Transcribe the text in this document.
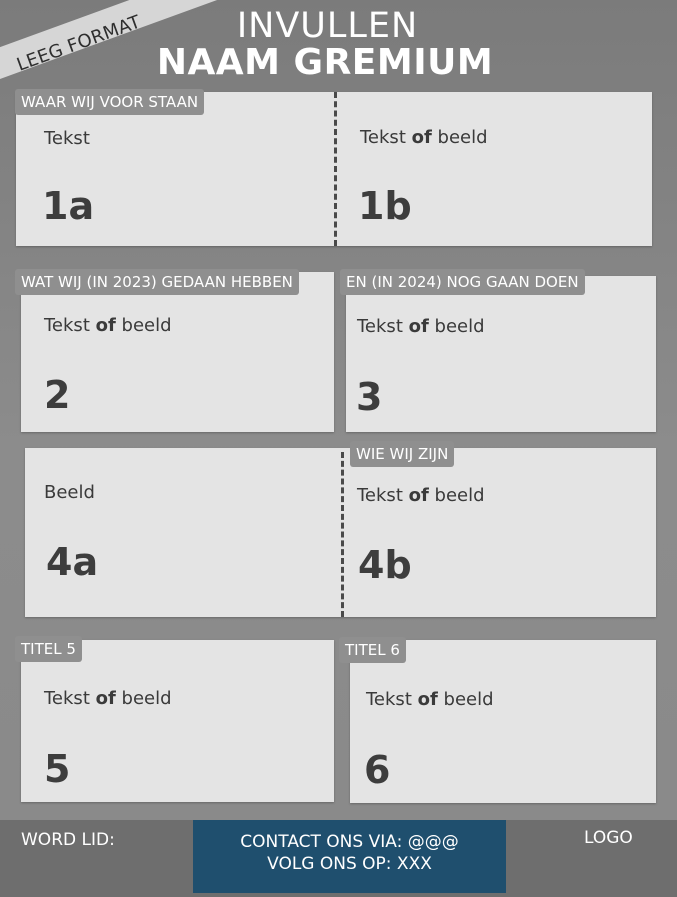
LEEG FORMAT	INVULLEN
NAAM GREMIUM
WAAR WIJ VOOR STAAN
Tekst
1a
Tekst of beeld
1b
WAT WIJ (IN 2023) GEDAAN HEBBEN
Tekst of beeld
2
EN (IN 2024) NOG GAAN DOEN
Tekst of beeld
3
WIE WIJ ZIJN
Beeld
4a
Tekst of beeld
4b
TITEL 5
Tekst of beeld
5
TITEL 6
Tekst of beeld
6
WORD LID:	CONTACT ONS VIA: @@@
VOLG ONS OP: XXX
LOGO
